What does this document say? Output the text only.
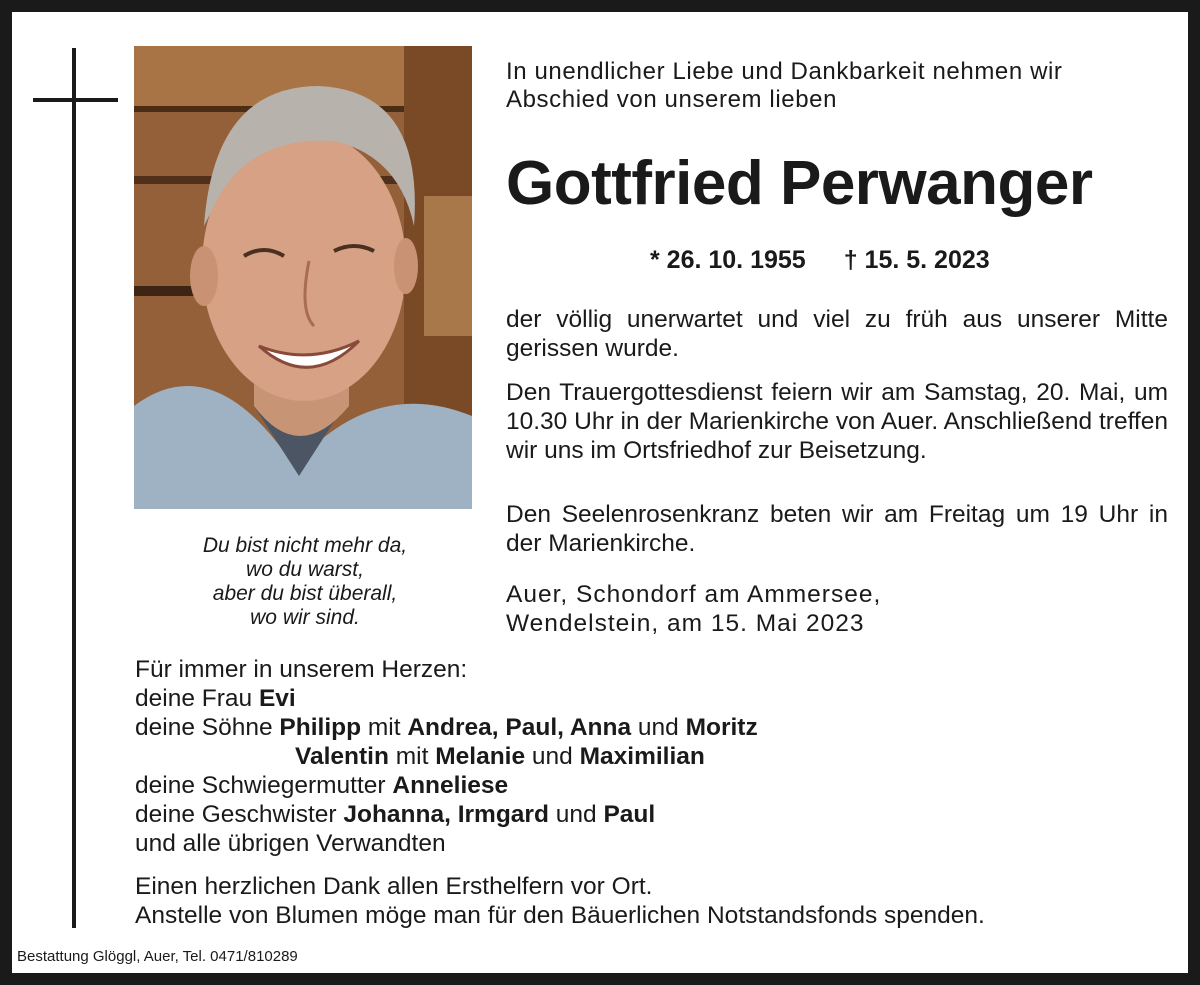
Du bist nicht mehr da,
wo du warst,
aber du bist überall,
wo wir sind.
In unendlicher Liebe und Dankbarkeit nehmen wir
Abschied von unserem lieben
Gottfried Perwanger
* 26. 10. 1955 † 15. 5. 2023
der völlig unerwartet und viel zu früh aus unserer Mitte gerissen wurde.
Den Trauergottesdienst feiern wir am Samstag, 20. Mai, um 10.30 Uhr in der Marienkirche von Auer. Anschließend treffen wir uns im Ortsfriedhof zur Beisetzung.
Den Seelenrosenkranz beten wir am Freitag um 19 Uhr in der Marienkirche.
Auer, Schondorf am Ammersee,
Wendelstein, am 15. Mai 2023
Für immer in unserem Herzen:
deine Frau Evi
deine Söhne Philipp mit Andrea, Paul, Anna und Moritz
Valentin mit Melanie und Maximilian
deine Schwiegermutter Anneliese
deine Geschwister Johanna, Irmgard und Paul
und alle übrigen Verwandten
Einen herzlichen Dank allen Ersthelfern vor Ort.
Anstelle von Blumen möge man für den Bäuerlichen Notstandsfonds spenden.
Bestattung Glöggl, Auer, Tel. 0471/810289
